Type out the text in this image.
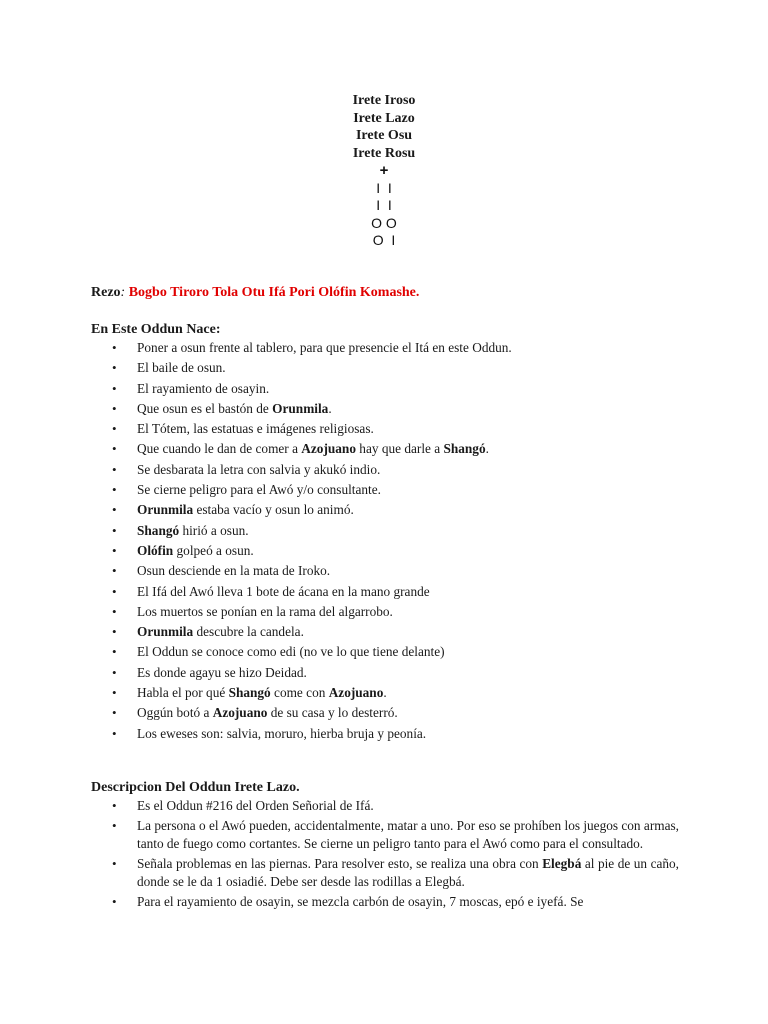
Irete Iroso
Irete Lazo
Irete Osu
Irete Rosu
+
I  I
I  I
O O
O  I
Rezo: Bogbo Tiroro Tola Otu Ifá Pori Olófin Komashe.
En Este Oddun Nace:
• Poner a osun frente al tablero, para que presencie el Itá en este Oddun.
• El baile de osun.
• El rayamiento de osayin.
• Que osun es el bastón de Orunmila.
• El Tótem, las estatuas e imágenes religiosas.
• Que cuando le dan de comer a Azojuano hay que darle a Shangó.
• Se desbarata la letra con salvia y akukó indio.
• Se cierne peligro para el Awó y/o consultante.
• Orunmila estaba vacío y osun lo animó.
• Shangó hirió a osun.
• Olófin golpeó a osun.
• Osun desciende en la mata de Iroko.
• El Ifá del Awó lleva 1 bote de ácana en la mano grande
• Los muertos se ponían en la rama del algarrobo.
• Orunmila descubre la candela.
• El Oddun se conoce como edi (no ve lo que tiene delante)
• Es donde agayu se hizo Deidad.
• Habla el por qué Shangó come con Azojuano.
• Oggún botó a Azojuano de su casa y lo desterró.
• Los eweses son: salvia, moruro, hierba bruja y peonía.
Descripcion Del Oddun Irete Lazo.
• Es el Oddun #216 del Orden Señorial de Ifá.
• La persona o el Awó pueden, accidentalmente, matar a uno. Por eso se prohíben los juegos con armas, tanto de fuego como cortantes. Se cierne un peligro tanto para el Awó como para el consultado.
• Señala problemas en las piernas. Para resolver esto, se realiza una obra con Elegbá al pie de un caño, donde se le da 1 osiadié. Debe ser desde las rodillas a Elegbá.
• Para el rayamiento de osayin, se mezcla carbón de osayin, 7 moscas, epó e iyefá. Se
